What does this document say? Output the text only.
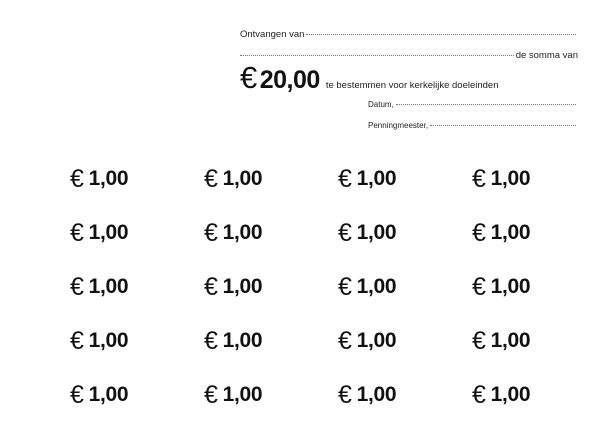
Ontvangen van
de somma van
€ 20,00 te bestemmen voor kerkelijke doeleinden
Datum,
Penningmeester,
€ 1,00	€ 1,00	€ 1,00	€ 1,00
€ 1,00	€ 1,00	€ 1,00	€ 1,00
€ 1,00	€ 1,00	€ 1,00	€ 1,00
€ 1,00	€ 1,00	€ 1,00	€ 1,00
€ 1,00	€ 1,00	€ 1,00	€ 1,00
